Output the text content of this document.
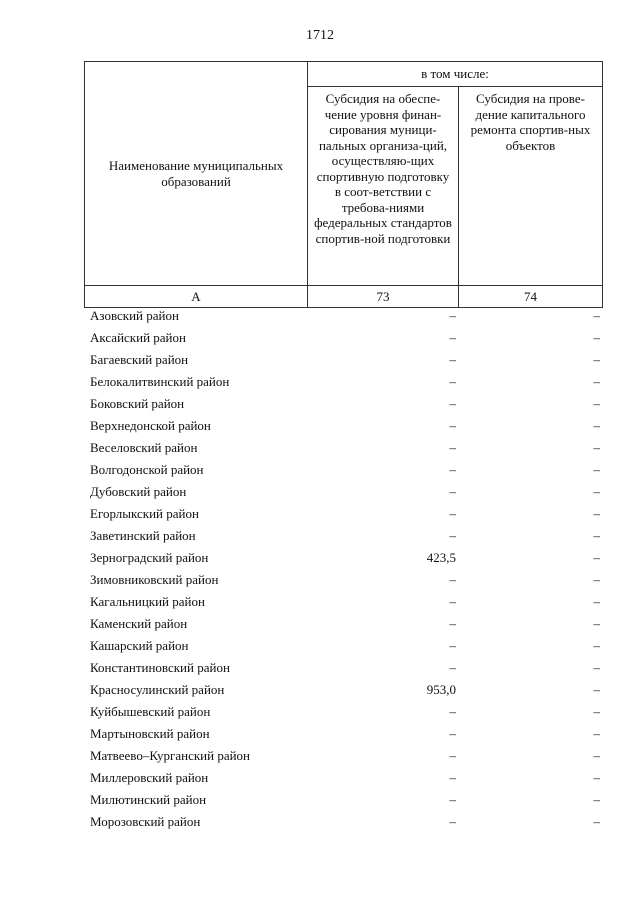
1712
Наименование муниципальных образований	в том числе:	
	Субсидия на обеспе-чение уровня финан-сирования муници-пальных организа-ций, осуществляю-щих спортивную подготовку в соот-ветствии с требова-ниями федеральных стандартов спортив-ной подготовки	Субсидия на прове-дение капитального ремонта спортив-ных объектов
А	73	74
Азовский район	–	–
Аксайский район	–	–
Багаевский район	–	–
Белокалитвинский район	–	–
Боковский район	–	–
Верхнедонской район	–	–
Веселовский район	–	–
Волгодонской район	–	–
Дубовский район	–	–
Егорлыкский район	–	–
Заветинский район	–	–
Зерноградский район	423,5	–
Зимовниковский район	–	–
Кагальницкий район	–	–
Каменский район	–	–
Кашарский район	–	–
Константиновский район	–	–
Красносулинский район	953,0	–
Куйбышевский район	–	–
Мартыновский район	–	–
Матвеево–Курганский район	–	–
Миллеровский район	–	–
Милютинский район	–	–
Морозовский район	–	–
